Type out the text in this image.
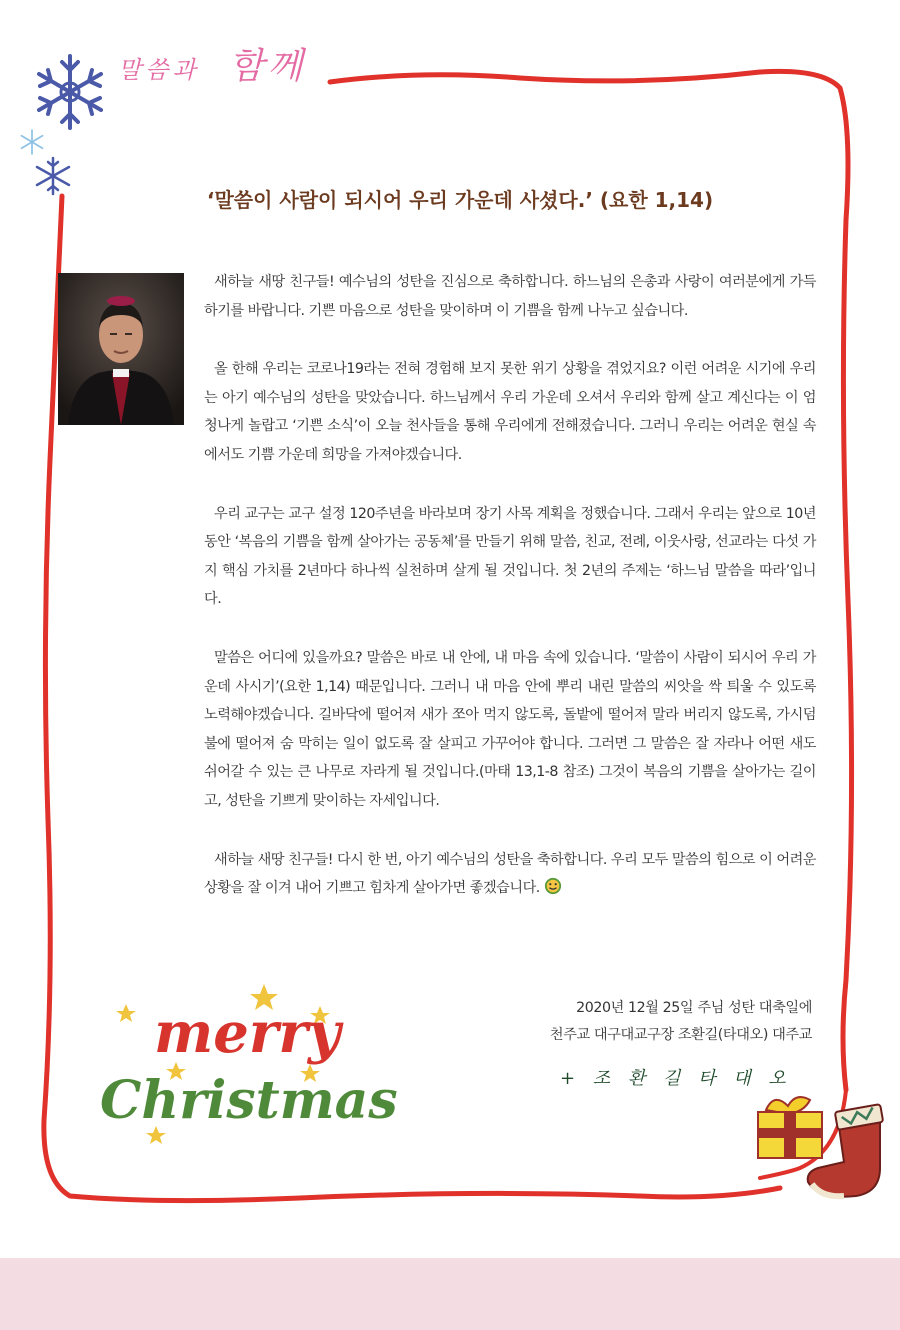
말씀과 함께
‘말씀이 사람이 되시어 우리 가운데 사셨다.’ (요한 1,14)

새하늘 새땅 친구들! 예수님의 성탄을 진심으로 축하합니다. 하느님의 은총과 사랑이 여러분에게 가득하기를 바랍니다. 기쁜 마음으로 성탄을 맞이하며 이 기쁨을 함께 나누고 싶습니다.

올 한해 우리는 코로나19라는 전혀 경험해 보지 못한 위기 상황을 겪었지요? 이런 어려운 시기에 우리는 아기 예수님의 성탄을 맞았습니다. 하느님께서 우리 가운데 오셔서 우리와 함께 살고 계신다는 이 엄청나게 놀랍고 ‘기쁜 소식’이 오늘 천사들을 통해 우리에게 전해졌습니다. 그러니 우리는 어려운 현실 속에서도 기쁨 가운데 희망을 가져야겠습니다.

우리 교구는 교구 설정 120주년을 바라보며 장기 사목 계획을 정했습니다. 그래서 우리는 앞으로 10년 동안 ‘복음의 기쁨을 함께 살아가는 공동체’를 만들기 위해 말씀, 친교, 전례, 이웃사랑, 선교라는 다섯 가지 핵심 가치를 2년마다 하나씩 실천하며 살게 될 것입니다. 첫 2년의 주제는 ‘하느님 말씀을 따라’입니다.

말씀은 어디에 있을까요? 말씀은 바로 내 안에, 내 마음 속에 있습니다. ‘말씀이 사람이 되시어 우리 가운데 사시기’(요한 1,14) 때문입니다. 그러니 내 마음 안에 뿌리 내린 말씀의 씨앗을 싹 틔울 수 있도록 노력해야겠습니다. 길바닥에 떨어져 새가 쪼아 먹지 않도록, 돌밭에 떨어져 말라 버리지 않도록, 가시덤불에 떨어져 숨 막히는 일이 없도록 잘 살피고 가꾸어야 합니다. 그러면 그 말씀은 잘 자라나 어떤 새도 쉬어갈 수 있는 큰 나무로 자라게 될 것입니다.(마태 13,1-8 참조) 그것이 복음의 기쁨을 살아가는 길이고, 성탄을 기쁘게 맞이하는 자세입니다.

새하늘 새땅 친구들! 다시 한 번, 아기 예수님의 성탄을 축하합니다. 우리 모두 말씀의 힘으로 이 어려운 상황을 잘 이겨 내어 기쁘고 힘차게 살아가면 좋겠습니다.

2020년 12월 25일 주님 성탄 대축일에
천주교 대구대교구장 조환길(타대오) 대주교
+ 조 환 길 타 대 오
merry
Christmas
